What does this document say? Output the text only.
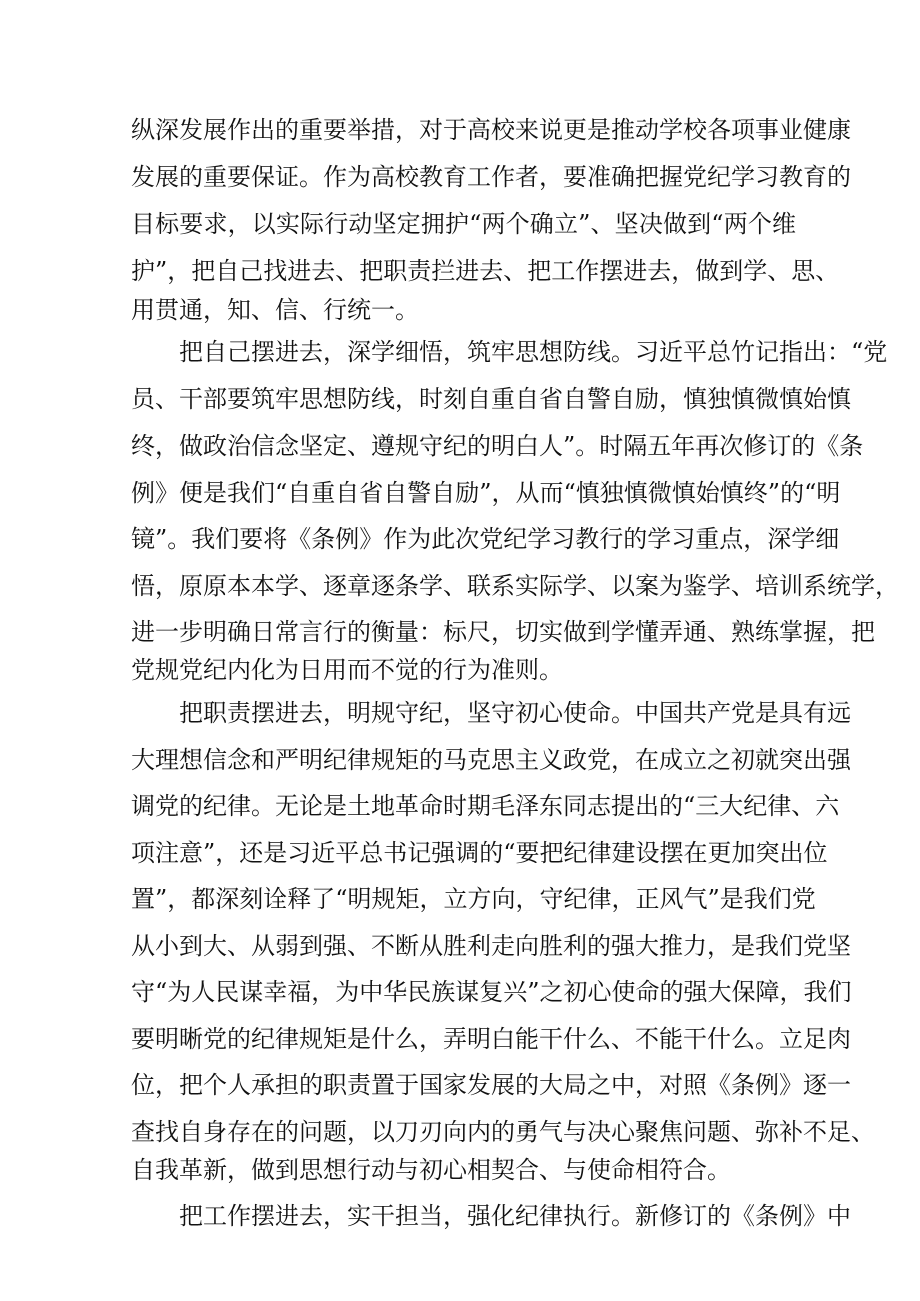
纵深发展作出的重要举措，对于高校来说更是推动学校各项事业健康
发展的重要保证。作为高校教育工作者，要准确把握党纪学习教育的
目标要求，以实际行动坚定拥护“两个确立”、坚决做到“两个维
护”，把自己找进去、把职责拦进去、把工作摆进去，做到学、思、
用贯通，知、信、行统一。
把自己摆进去，深学细悟，筑牢思想防线。习近平总竹记指出：“党
员、干部要筑牢思想防线，时刻自重自省自警自励，慎独慎微慎始慎
终，做政治信念坚定、遵规守纪的明白人”。时隔五年再次修订的《条
例》便是我们“自重自省自警自励”，从而“慎独慎微慎始慎终”的“明
镜”。我们要将《条例》作为此次党纪学习教行的学习重点，深学细
悟，原原本本学、逐章逐条学、联系实际学、以案为鉴学、培训系统学，
进一步明确日常言行的衡量：标尺，切实做到学懂弄通、熟练掌握，把
党规党纪内化为日用而不觉的行为准则。
把职责摆进去，明规守纪，坚守初心使命。中国共产党是具有远
大理想信念和严明纪律规矩的马克思主义政党，在成立之初就突出强
调党的纪律。无论是土地革命时期毛泽东同志提出的“三大纪律、六
项注意”，还是习近平总书记强调的“要把纪律建设摆在更加突出位
置”，都深刻诠释了“明规矩，立方向，守纪律，正风气”是我们党
从小到大、从弱到强、不断从胜利走向胜利的强大推力，是我们党坚
守“为人民谋幸福，为中华民族谋复兴”之初心使命的强大保障，我们
要明晰党的纪律规矩是什么，弄明白能干什么、不能干什么。立足肉
位，把个人承担的职责置于国家发展的大局之中，对照《条例》逐一
查找自身存在的问题，以刀刃向内的勇气与决心聚焦问题、弥补不足、
自我革新，做到思想行动与初心相契合、与使命相符合。
把工作摆进去，实干担当，强化纪律执行。新修订的《条例》中
